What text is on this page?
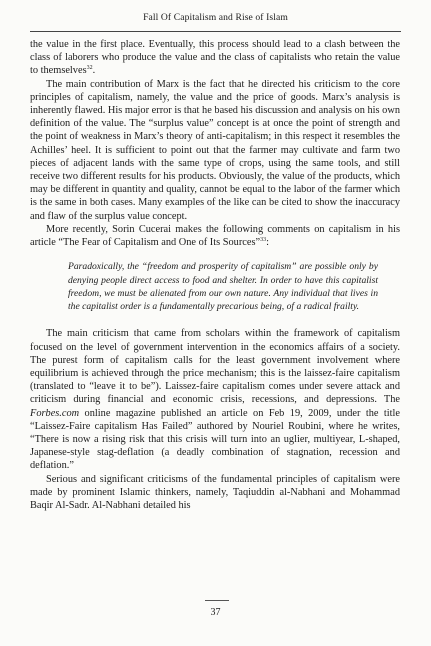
Fall Of Capitalism and Rise of Islam

the value in the first place. Eventually, this process should lead to a clash between the class of laborers who produce the value and the class of capitalists who retain the value to themselves$^{32}$.

The main contribution of Marx is the fact that he directed his criticism to the core principles of capitalism, namely, the value and the price of goods. Marx’s analysis is inherently flawed. His major error is that he based his discussion and analysis on his own definition of the value. The “surplus value” concept is at once the point of strength and the point of weakness in Marx’s theory of anti-capitalism; in this respect it resembles the Achilles’ heel. It is sufficient to point out that the farmer may cultivate and farm two pieces of adjacent lands with the same type of crops, using the same tools, and still receive two different results for his products. Obviously, the value of the products, which may be different in quantity and quality, cannot be equal to the labor of the farmer which is the same in both cases. Many examples of the like can be cited to show the inaccuracy and flaw of the surplus value concept.

More recently, Sorin Cucerai makes the following comments on capitalism in his article “The Fear of Capitalism and One of Its Sources”$^{33}$:

Paradoxically, the “freedom and prosperity of capitalism” are possible only by denying people direct access to food and shelter. In order to have this capitalist freedom, we must be alienated from our own nature. Any individual that lives in the capitalist order is a fundamentally precarious being, of a radical frailty.

The main criticism that came from scholars within the framework of capitalism focused on the level of government intervention in the economics affairs of a society. The purest form of capitalism calls for the least government involvement where equilibrium is achieved through the price mechanism; this is the laissez-faire capitalism (translated to “leave it to be”). Laissez-faire capitalism comes under severe attack and criticism during financial and economic crisis, recessions, and depressions. The Forbes.com online magazine published an article on Feb 19, 2009, under the title “Laissez-Faire capitalism Has Failed” authored by Nouriel Roubini, where he writes, “There is now a rising risk that this crisis will turn into an uglier, multiyear, L-shaped, Japanese-style stag-deflation (a deadly combination of stagnation, recession and deflation.”

Serious and significant criticisms of the fundamental principles of capitalism were made by prominent Islamic thinkers, namely, Taqiuddin al-Nabhani and Mohammad Baqir Al-Sadr. Al-Nabhani detailed his

37
